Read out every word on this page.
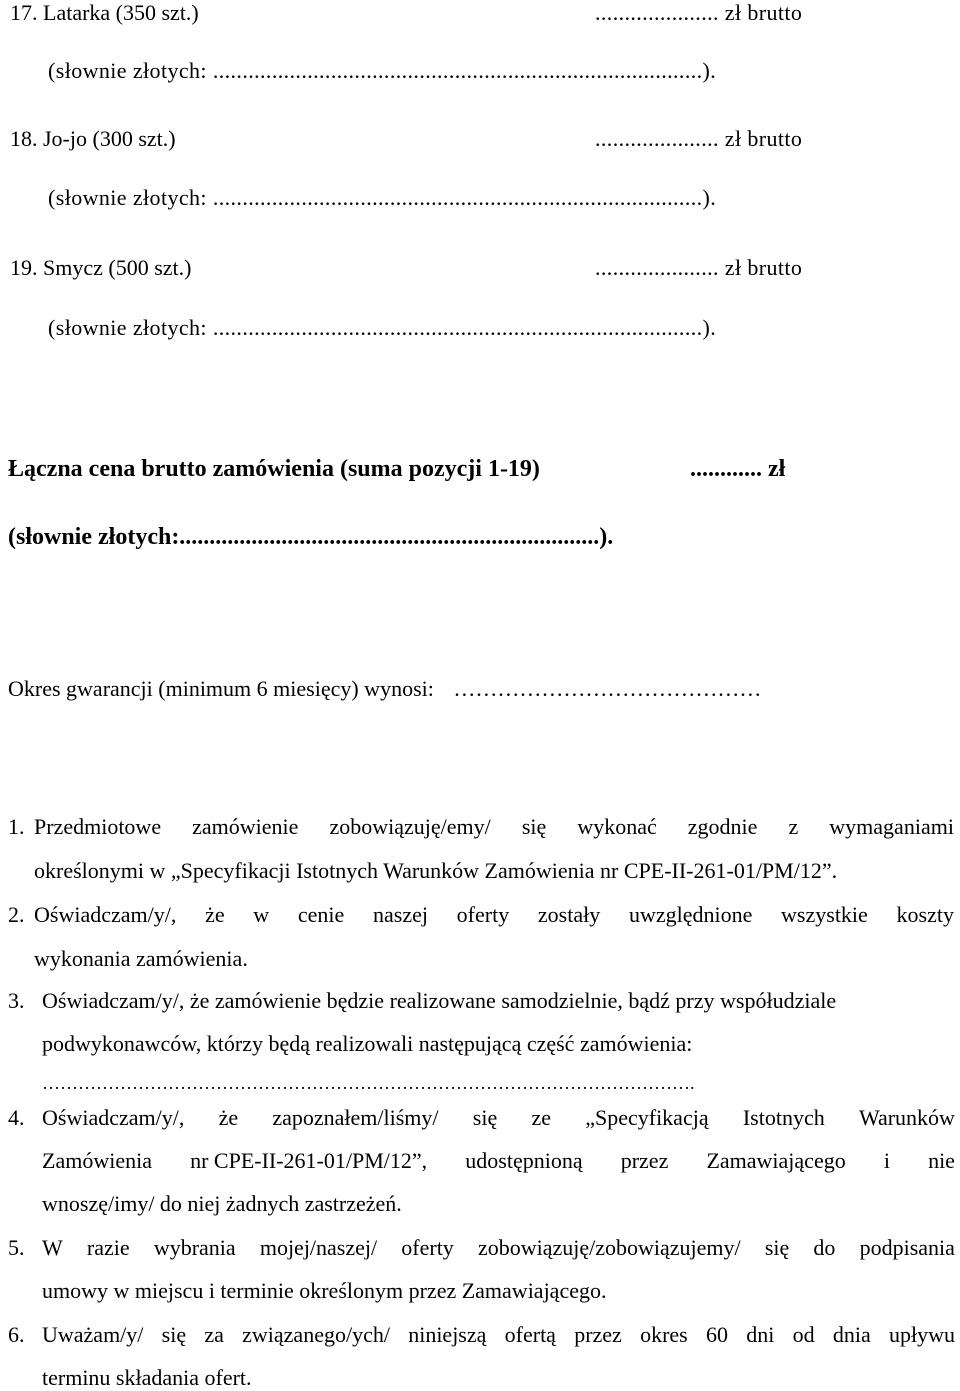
17. Latarka (350 szt.)	..................... zł brutto
(słownie złotych: ...................................................................................).
18. Jo-jo (300 szt.)	..................... zł brutto
(słownie złotych: ...................................................................................).
19. Smycz (500 szt.)	..................... zł brutto
(słownie złotych: ...................................................................................).
Łączna cena brutto zamówienia (suma pozycji 1-19)	............ zł
(słownie złotych:......................................................................).
Okres gwarancji (minimum 6 miesięcy) wynosi: ……………………………………
1. Przedmiotowe zamówienie zobowiązuję/emy/ się wykonać zgodnie z wymaganiami
określonymi w „Specyfikacji Istotnych Warunków Zamówienia nr CPE-II-261-01/PM/12”.
2. Oświadczam/y/, że w cenie naszej oferty zostały uwzględnione wszystkie koszty
wykonania zamówienia.
3. Oświadczam/y/, że zamówienie będzie realizowane samodzielnie, bądź przy współudziale
podwykonawców, którzy będą realizowali następującą część zamówienia:
……………………………………………………………………………………………….
4. Oświadczam/y/, że zapoznałem/liśmy/ się ze „Specyfikacją Istotnych Warunków
Zamówienia nr CPE-II-261-01/PM/12”, udostępnioną przez Zamawiającego i nie
wnoszę/imy/ do niej żadnych zastrzeżeń.
5. W razie wybrania mojej/naszej/ oferty zobowiązuję/zobowiązujemy/ się do podpisania
umowy w miejscu i terminie określonym przez Zamawiającego.
6. Uważam/y/ się za związanego/ych/ niniejszą ofertą przez okres 60 dni od dnia upływu
terminu składania ofert.
